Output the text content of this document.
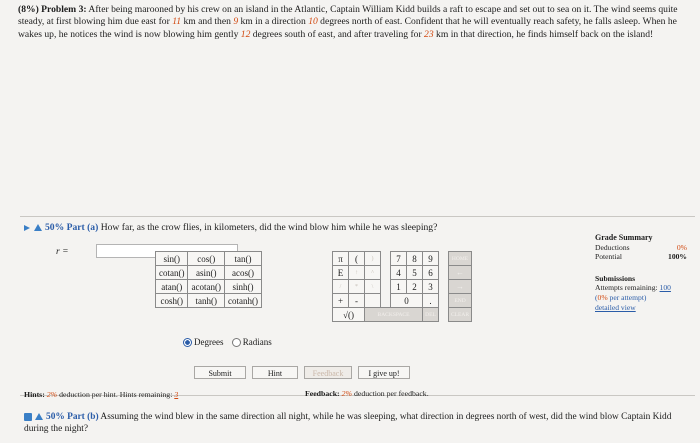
(8%) Problem 3: After being marooned by his crew on an island in the Atlantic, Captain William Kidd builds a raft to escape and set out to sea on it. The wind seems quite steady, at first blowing him due east for 11 km and then 9 km in a direction 10 degrees north of east. Confident that he will eventually reach safety, he falls asleep. When he wakes up, he notices the wind is now blowing him gently 12 degrees south of east, and after traveling for 23 km in that direction, he finds himself back on the island!
50% Part (a) How far, as the crow flies, in kilometers, did the wind blow him while he was sleeping?
r =
Grade Summary
Deductions	0%
Potential	100%
Submissions
Attempts remaining: 100
(0% per attempt)
detailed view
sin()	cos()	tan()
cotan()	asin()	acos()
atan()	acotan()	sinh()
cosh()	tanh()	cotanh()
Degrees Radians
π	(	)		7	8	9		HOME
E	↑	^		4	5	6		←
/	*	\		1	2	3		→
+	-			0		.		END
√()		BACKSPACE				DEL		CLEAR
Submit	Hint	Feedback	I give up!
Hints: 2% deduction per hint. Hints remaining: 3	Feedback: 2% deduction per feedback.
50% Part (b) Assuming the wind blew in the same direction all night, while he was sleeping, what direction in degrees north of west, did the wind blow Captain Kidd during the night?
